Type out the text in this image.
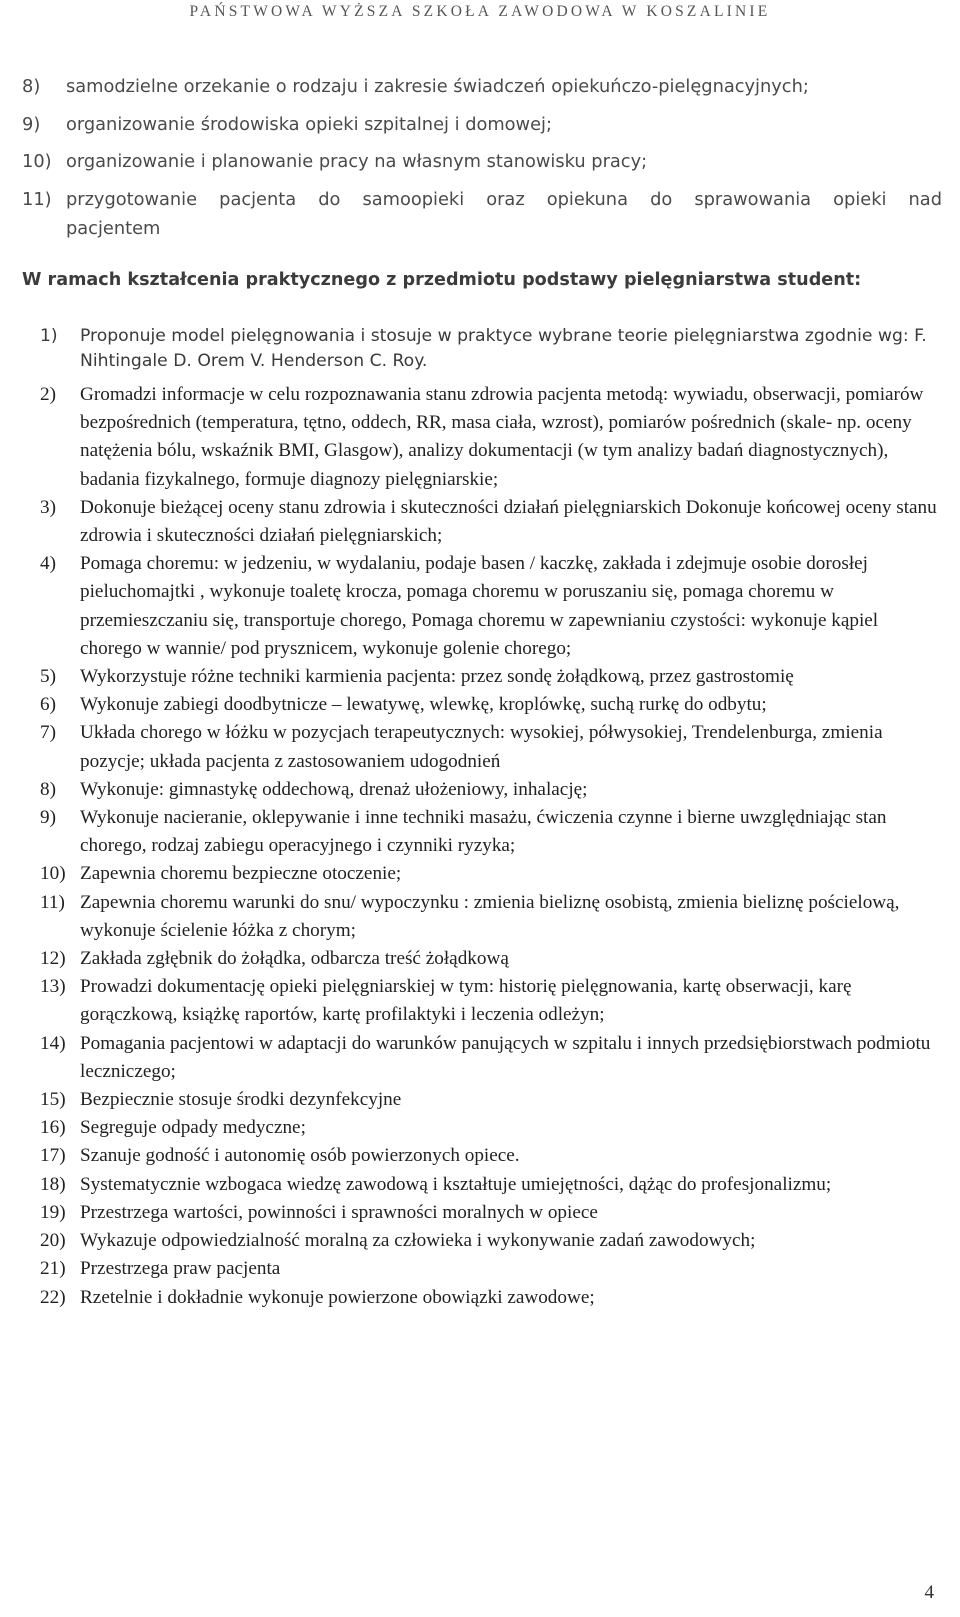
PAŃSTWOWA WYŻSZA SZKOŁA ZAWODOWA W KOSZALINIE
8) samodzielne orzekanie o rodzaju i zakresie świadczeń opiekuńczo-pielęgnacyjnych;
9) organizowanie środowiska opieki szpitalnej i domowej;
10) organizowanie i planowanie pracy na własnym stanowisku pracy;
11) przygotowanie pacjenta do samoopieki oraz opiekuna do sprawowania opieki nad
pacjentem
W ramach kształcenia praktycznego z przedmiotu podstawy pielęgniarstwa student:
1) Proponuje model pielęgnowania i stosuje w praktyce wybrane teorie pielęgniarstwa zgodnie wg: F. Nihtingale D. Orem V. Henderson C. Roy.
2) Gromadzi informacje w celu rozpoznawania stanu zdrowia pacjenta metodą: wywiadu, obserwacji, pomiarów bezpośrednich (temperatura, tętno, oddech, RR, masa ciała, wzrost), pomiarów pośrednich (skale- np. oceny natężenia bólu, wskaźnik BMI, Glasgow), analizy dokumentacji (w tym analizy badań diagnostycznych), badania fizykalnego, formuje diagnozy pielęgniarskie;
3) Dokonuje bieżącej oceny stanu zdrowia i skuteczności działań pielęgniarskich Dokonuje końcowej oceny stanu zdrowia i skuteczności działań pielęgniarskich;
4) Pomaga choremu: w jedzeniu, w wydalaniu, podaje basen / kaczkę, zakłada i zdejmuje osobie dorosłej pieluchomajtki , wykonuje toaletę krocza, pomaga choremu w poruszaniu się, pomaga choremu w przemieszczaniu się, transportuje chorego, Pomaga choremu w zapewnianiu czystości: wykonuje kąpiel chorego w wannie/ pod prysznicem, wykonuje golenie chorego;
5) Wykorzystuje różne techniki karmienia pacjenta: przez sondę żołądkową, przez gastrostomię
6) Wykonuje zabiegi doodbytnicze – lewatywę, wlewkę, kroplówkę, suchą rurkę do odbytu;
7) Układa chorego w łóżku w pozycjach terapeutycznych: wysokiej, półwysokiej, Trendelenburga, zmienia pozycje; układa pacjenta z zastosowaniem udogodnień
8) Wykonuje: gimnastykę oddechową, drenaż ułożeniowy, inhalację;
9) Wykonuje nacieranie, oklepywanie i inne techniki masażu, ćwiczenia czynne i bierne uwzględniając stan chorego, rodzaj zabiegu operacyjnego i czynniki ryzyka;
10) Zapewnia choremu bezpieczne otoczenie;
11) Zapewnia choremu warunki do snu/ wypoczynku : zmienia bieliznę osobistą, zmienia bieliznę pościelową, wykonuje ścielenie łóżka z chorym;
12) Zakłada zgłębnik do żołądka, odbarcza treść żołądkową
13) Prowadzi dokumentację opieki pielęgniarskiej w tym: historię pielęgnowania, kartę obserwacji, karę gorączkową, książkę raportów, kartę profilaktyki i leczenia odleżyn;
14) Pomagania pacjentowi w adaptacji do warunków panujących w szpitalu i innych przedsiębiorstwach podmiotu leczniczego;
15) Bezpiecznie stosuje środki dezynfekcyjne
16) Segreguje odpady medyczne;
17) Szanuje godność i autonomię osób powierzonych opiece.
18) Systematycznie wzbogaca wiedzę zawodową i kształtuje umiejętności, dążąc do profesjonalizmu;
19) Przestrzega wartości, powinności i sprawności moralnych w opiece
20) Wykazuje odpowiedzialność moralną za człowieka i wykonywanie zadań zawodowych;
21) Przestrzega praw pacjenta
22) Rzetelnie i dokładnie wykonuje powierzone obowiązki zawodowe;
4
